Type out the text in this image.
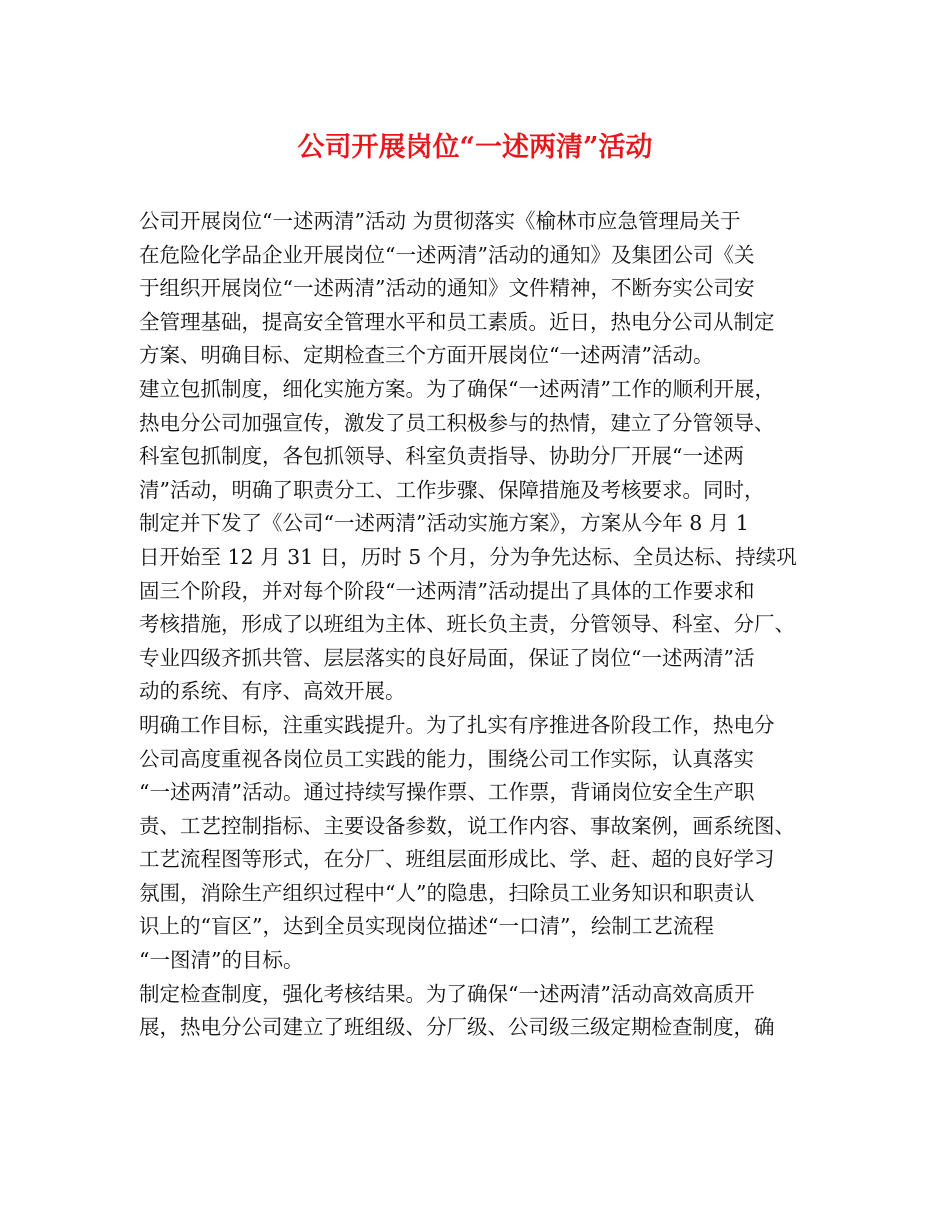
公司开展岗位“一述两清”活动
公司开展岗位“一述两清”活动 为贯彻落实《榆林市应急管理局关于
在危险化学品企业开展岗位“一述两清”活动的通知》及集团公司《关
于组织开展岗位“一述两清”活动的通知》文件精神，不断夯实公司安
全管理基础，提高安全管理水平和员工素质。近日，热电分公司从制定
方案、明确目标、定期检查三个方面开展岗位“一述两清”活动。
建立包抓制度，细化实施方案。为了确保“一述两清”工作的顺利开展，
热电分公司加强宣传，激发了员工积极参与的热情，建立了分管领导、
科室包抓制度，各包抓领导、科室负责指导、协助分厂开展“一述两
清”活动，明确了职责分工、工作步骤、保障措施及考核要求。同时，
制定并下发了《公司“一述两清”活动实施方案》，方案从今年 8 月 1
日开始至 12 月 31 日，历时 5 个月，分为争先达标、全员达标、持续巩
固三个阶段，并对每个阶段“一述两清”活动提出了具体的工作要求和
考核措施，形成了以班组为主体、班长负主责，分管领导、科室、分厂、
专业四级齐抓共管、层层落实的良好局面，保证了岗位“一述两清”活
动的系统、有序、高效开展。
明确工作目标，注重实践提升。为了扎实有序推进各阶段工作，热电分
公司高度重视各岗位员工实践的能力，围绕公司工作实际，认真落实
“一述两清”活动。通过持续写操作票、工作票，背诵岗位安全生产职
责、工艺控制指标、主要设备参数，说工作内容、事故案例，画系统图、
工艺流程图等形式，在分厂、班组层面形成比、学、赶、超的良好学习
氛围，消除生产组织过程中“人”的隐患，扫除员工业务知识和职责认
识上的“盲区”，达到全员实现岗位描述“一口清”，绘制工艺流程
“一图清”的目标。
制定检查制度，强化考核结果。为了确保“一述两清”活动高效高质开
展，热电分公司建立了班组级、分厂级、公司级三级定期检查制度，确
